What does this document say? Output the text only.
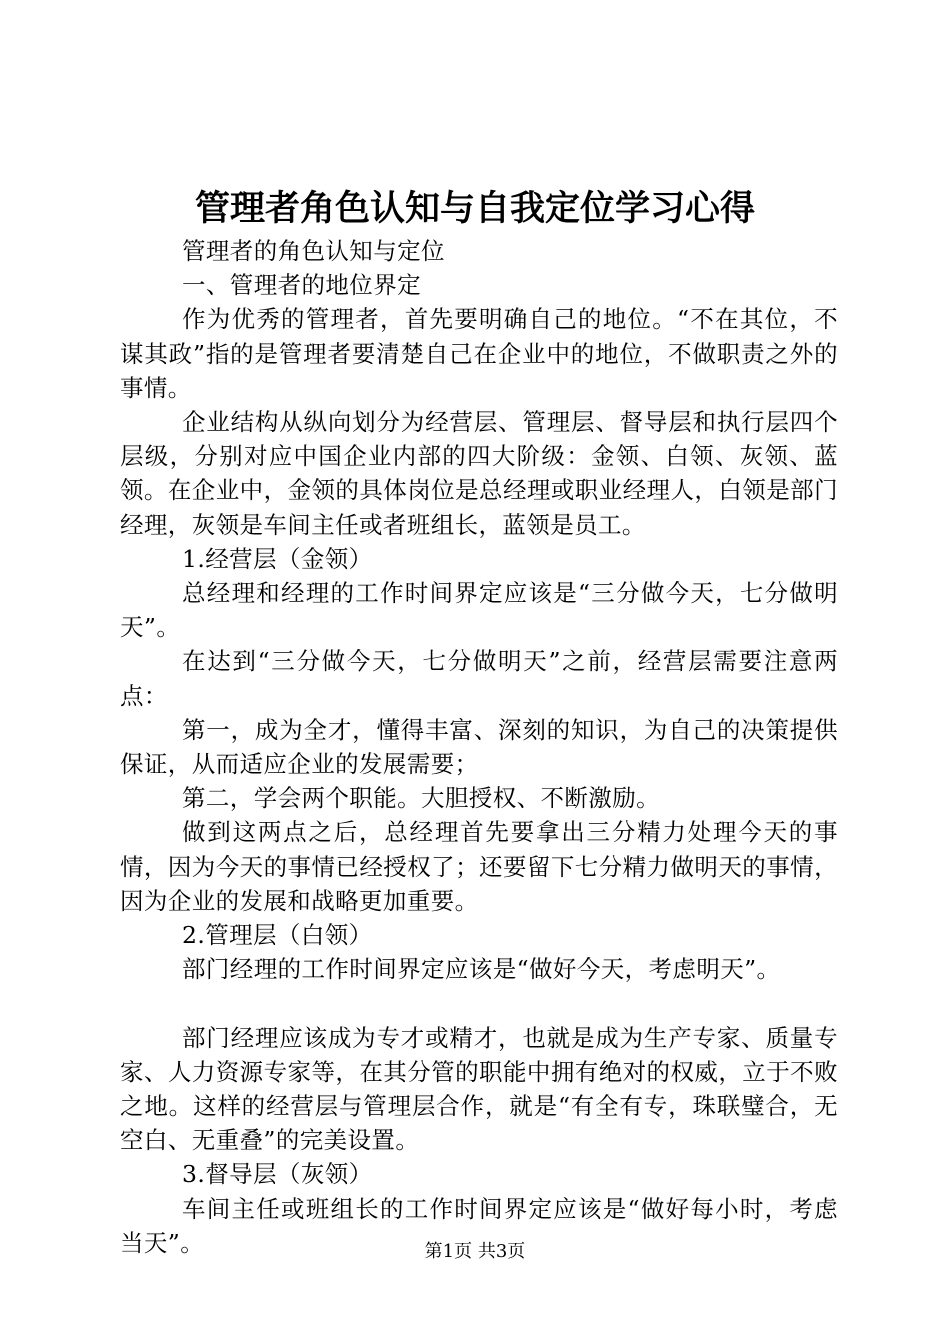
管理者角色认知与自我定位学习心得

管理者的角色认知与定位

一、管理者的地位界定

作为优秀的管理者，首先要明确自己的地位。“不在其位，不谋其政”指的是管理者要清楚自己在企业中的地位，不做职责之外的事情。

企业结构从纵向划分为经营层、管理层、督导层和执行层四个层级，分别对应中国企业内部的四大阶级：金领、白领、灰领、蓝领。在企业中，金领的具体岗位是总经理或职业经理人，白领是部门经理，灰领是车间主任或者班组长，蓝领是员工。

1.经营层（金领）

总经理和经理的工作时间界定应该是“三分做今天，七分做明天”。

在达到“三分做今天，七分做明天”之前，经营层需要注意两点：

第一，成为全才，懂得丰富、深刻的知识，为自己的决策提供保证，从而适应企业的发展需要；

第二，学会两个职能。大胆授权、不断激励。

做到这两点之后，总经理首先要拿出三分精力处理今天的事情，因为今天的事情已经授权了；还要留下七分精力做明天的事情，因为企业的发展和战略更加重要。

2.管理层（白领）

部门经理的工作时间界定应该是“做好今天，考虑明天”。

部门经理应该成为专才或精才，也就是成为生产专家、质量专家、人力资源专家等，在其分管的职能中拥有绝对的权威，立于不败之地。这样的经营层与管理层合作，就是“有全有专，珠联璧合，无空白、无重叠”的完美设置。

3.督导层（灰领）

车间主任或班组长的工作时间界定应该是“做好每小时，考虑当天”。	第1页 共3页
